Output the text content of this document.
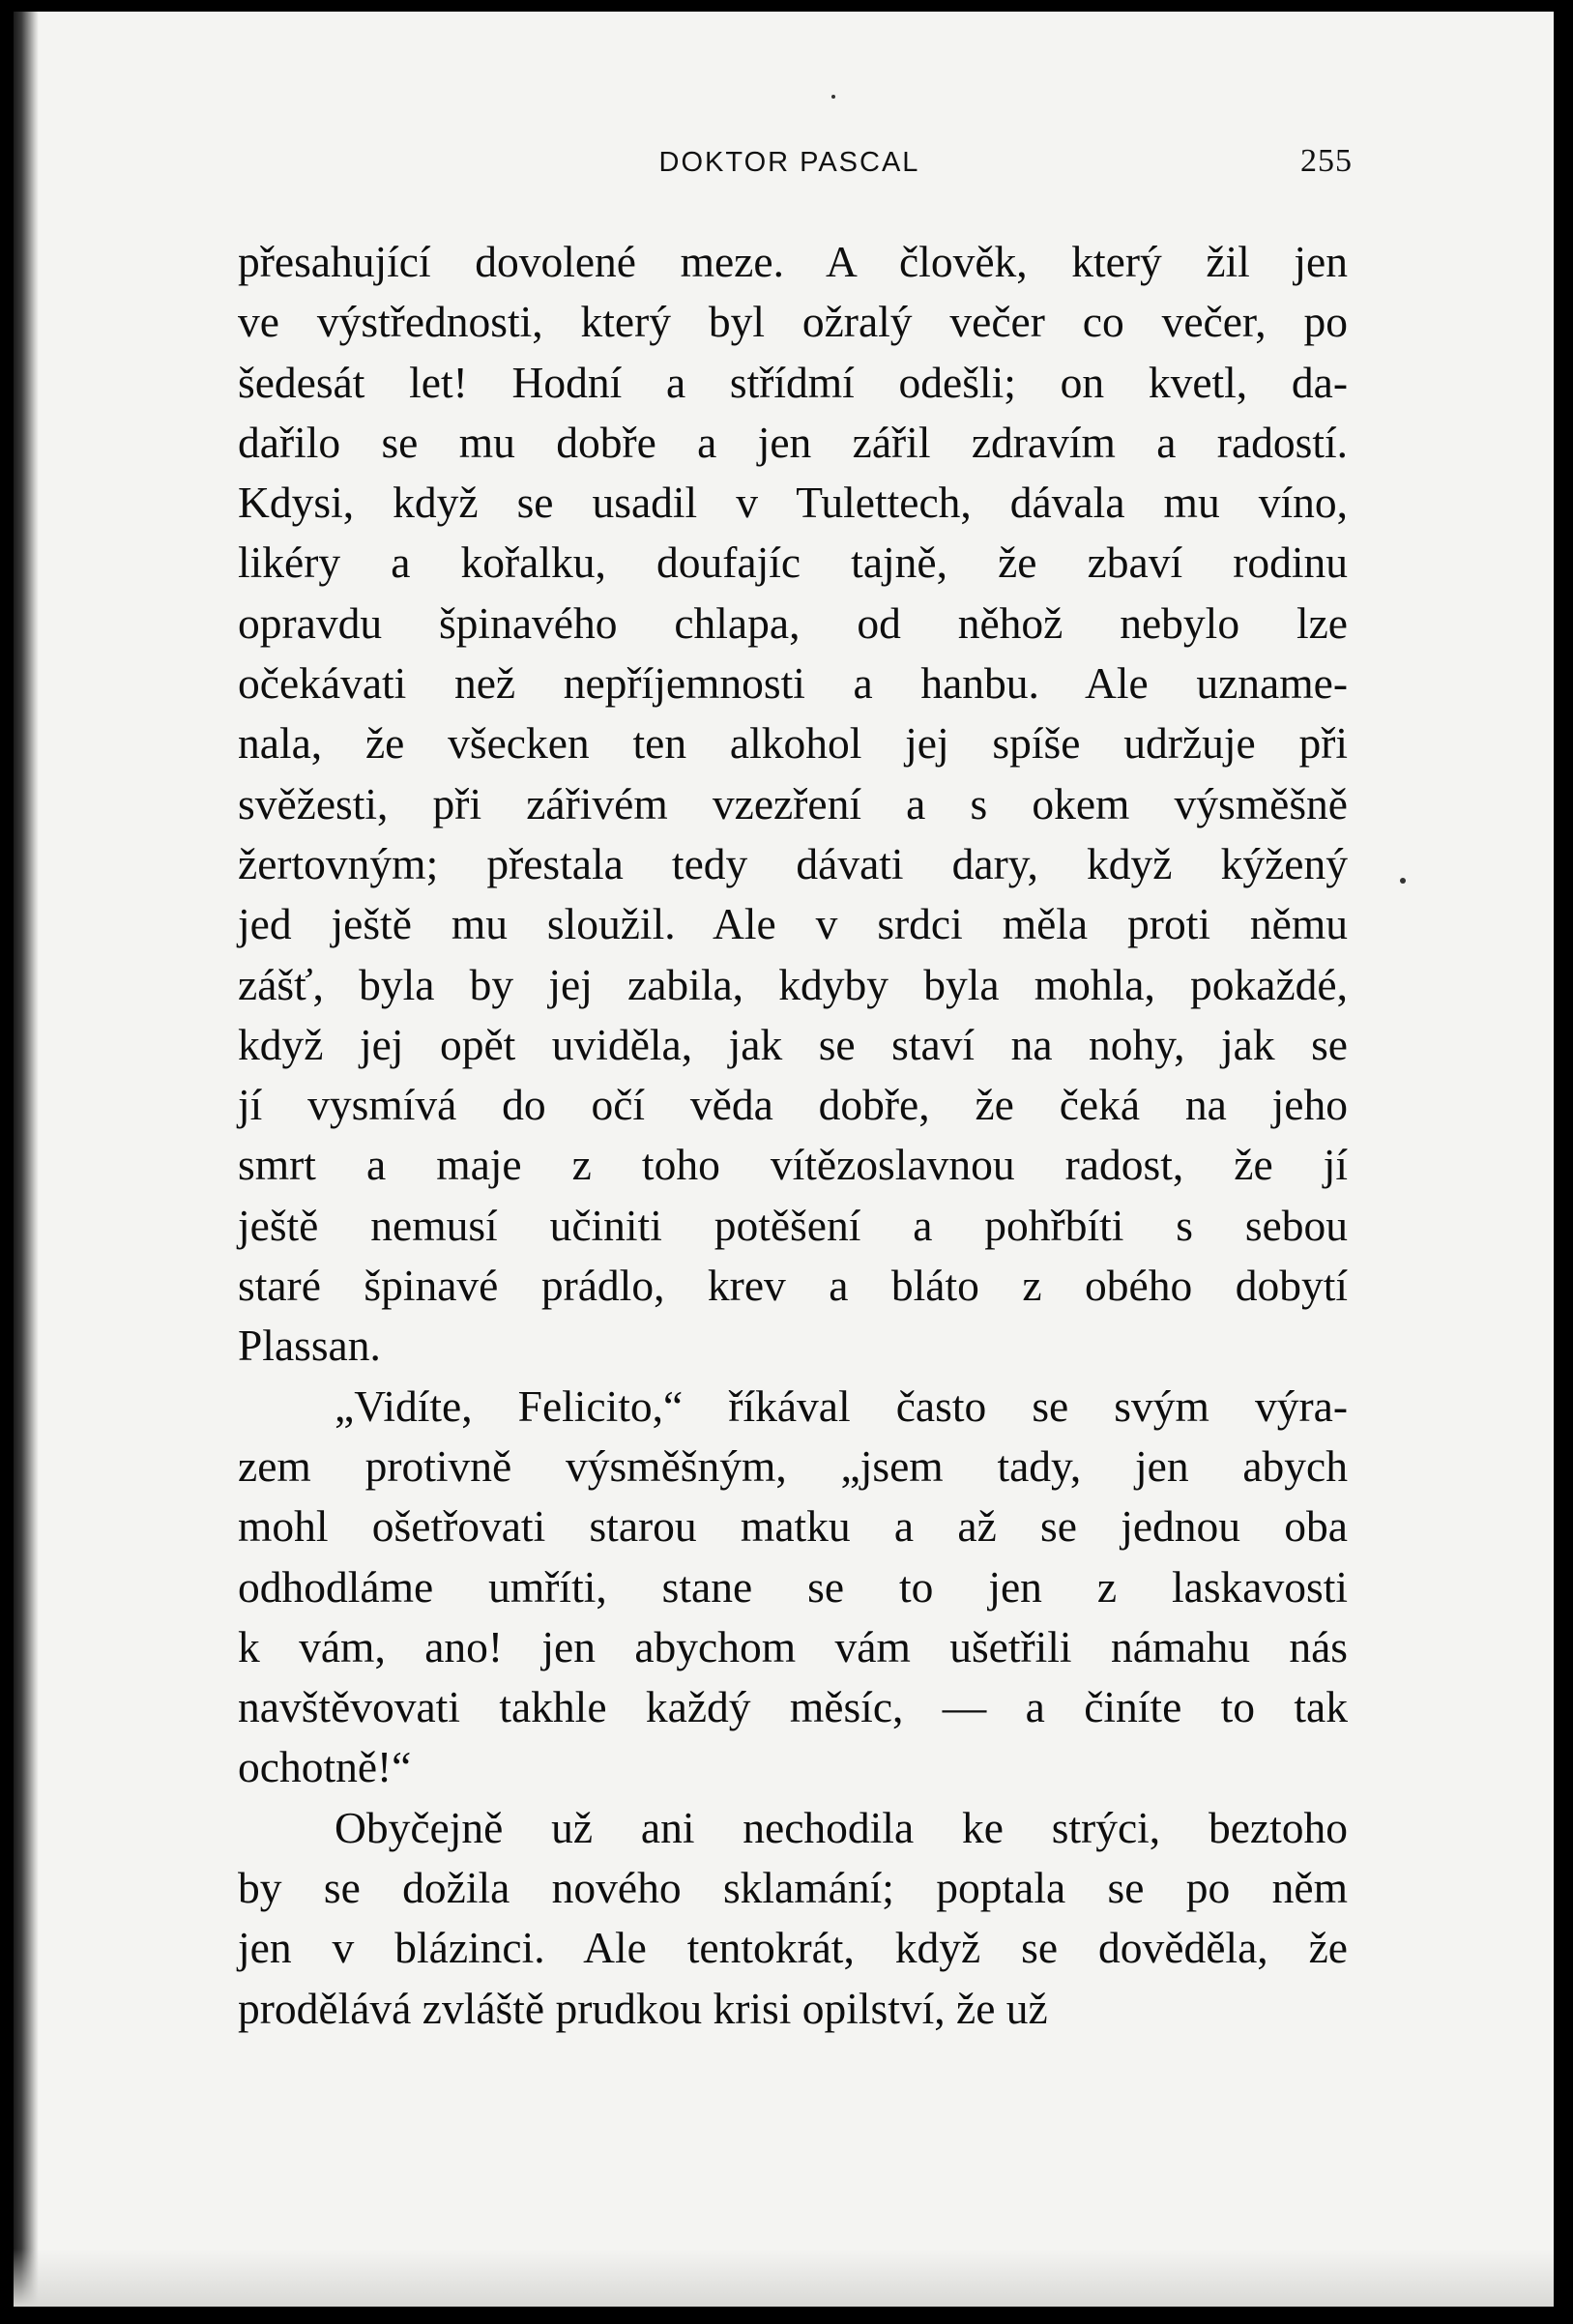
DOKTOR PASCAL	255
přesahující dovolené meze. A člověk, který žil jen
ve výstřednosti, který byl ožralý večer co večer, po
šedesát let! Hodní a střídmí odešli; on kvetl, da-
dařilo se mu dobře a jen zářil zdravím a radostí.
Kdysi, když se usadil v Tulettech, dávala mu víno,
likéry a kořalku, doufajíc tajně, že zbaví rodinu
opravdu špinavého chlapa, od něhož nebylo lze
očekávati než nepříjemnosti a hanbu. Ale uzname-
nala, že všecken ten alkohol jej spíše udržuje při
svěžesti, při zářivém vzezření a s okem výsměšně
žertovným; přestala tedy dávati dary, když kýžený
jed ještě mu sloužil. Ale v srdci měla proti němu
zášť, byla by jej zabila, kdyby byla mohla, pokaždé,
když jej opět uviděla, jak se staví na nohy, jak se
jí vysmívá do očí věda dobře, že čeká na jeho
smrt a maje z toho vítězoslavnou radost, že jí
ještě nemusí učiniti potěšení a pohřbíti s sebou
staré špinavé prádlo, krev a bláto z obého dobytí
Plassan.
„Vidíte, Felicito,“ říkával často se svým výra-
zem protivně výsměšným, „jsem tady, jen abych
mohl ošetřovati starou matku a až se jednou oba
odhodláme umříti, stane se to jen z laskavosti
k vám, ano! jen abychom vám ušetřili námahu nás
navštěvovati takhle každý měsíc, — a činíte to tak
ochotně!“
Obyčejně už ani nechodila ke strýci, beztoho
by se dožila nového sklamání; poptala se po něm
jen v blázinci. Ale tentokrát, když se dověděla, že
prodělává zvláště prudkou krisi opilství, že už
